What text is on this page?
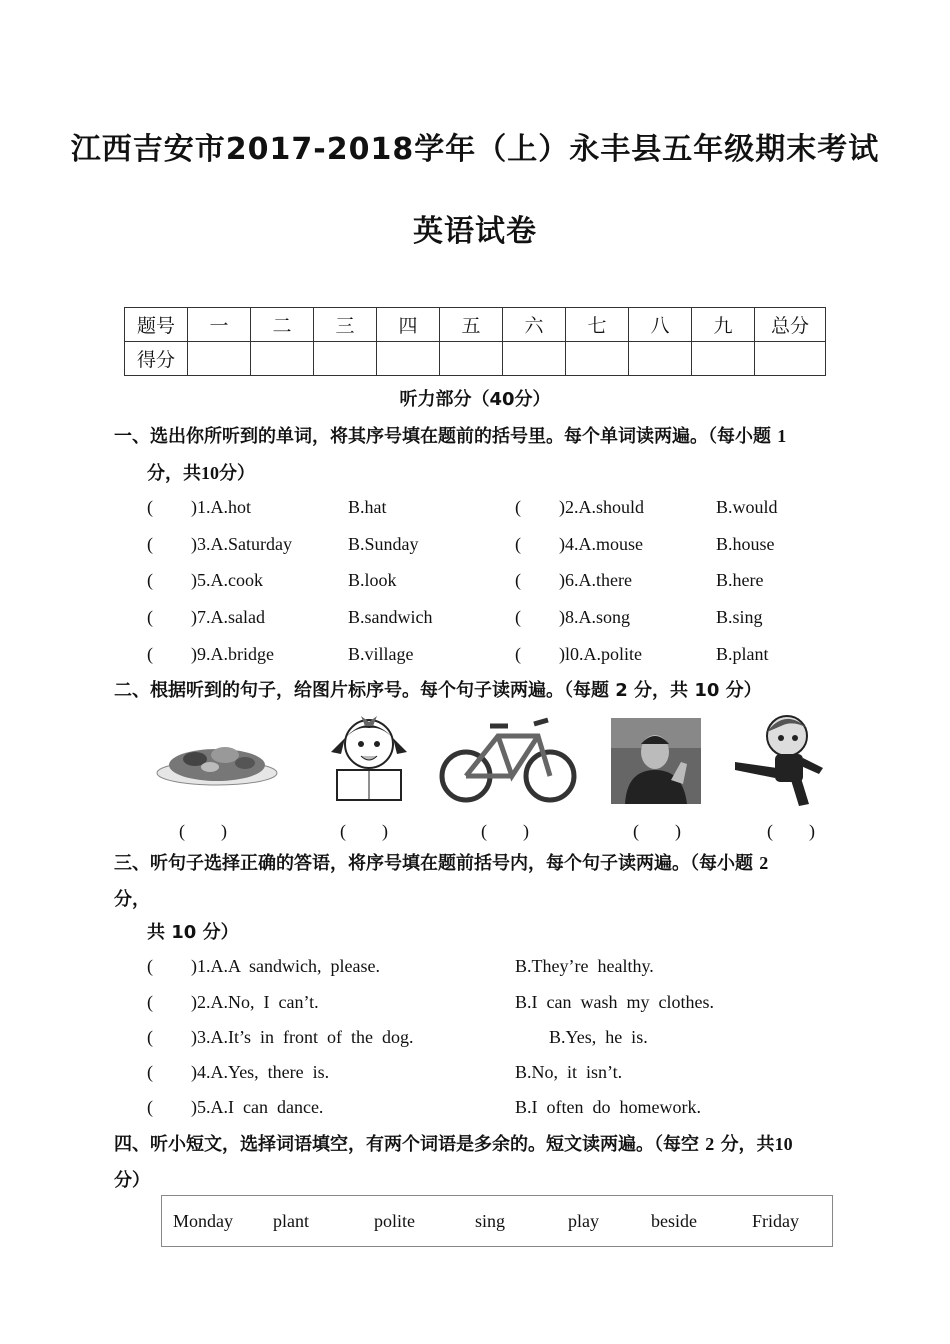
江西吉安市2017-2018学年（上）永丰县五年级期末考试
英语试卷
题号	一	二	三	四	五	六	七	八	九	总分
得分										
听力部分（40分）
一、选出你所听到的单词，将其序号填在题前的括号里。每个单词读两遍。（每小题 1
分，共10分）
( )1.A.hot	B.hat	( )2.A.should	B.would
( )3.A.Saturday	B.Sunday	( )4.A.mouse	B.house
( )5.A.cook	B.look	( )6.A.there	B.here
( )7.A.salad	B.sandwich	( )8.A.song	B.sing
( )9.A.bridge	B.village	( )l0.A.polite	B.plant
二、根据听到的句子，给图片标序号。每个句子读两遍。（每题 2 分，共 10 分）
(　　)	(　　)	(　　)	(　　)	(　　)
三、听句子选择正确的答语，将序号填在题前括号内，每个句子读两遍。（每小题 2
分，
共 10 分）
( )1.A.A  sandwich,  please.	B.They’re  healthy.
( )2.A.No,  I  can’t.	B.I  can  wash  my  clothes.
( )3.A.It’s  in  front  of  the  dog.	B.Yes,  he  is.
( )4.A.Yes,  there  is.	B.No,  it  isn’t.
( )5.A.I  can  dance.	B.I  often  do  homework.
四、听小短文，选择词语填空，有两个词语是多余的。短文读两遍。（每空 2 分，共10
分）
Monday plant	polite	sing	play	beside	Friday
